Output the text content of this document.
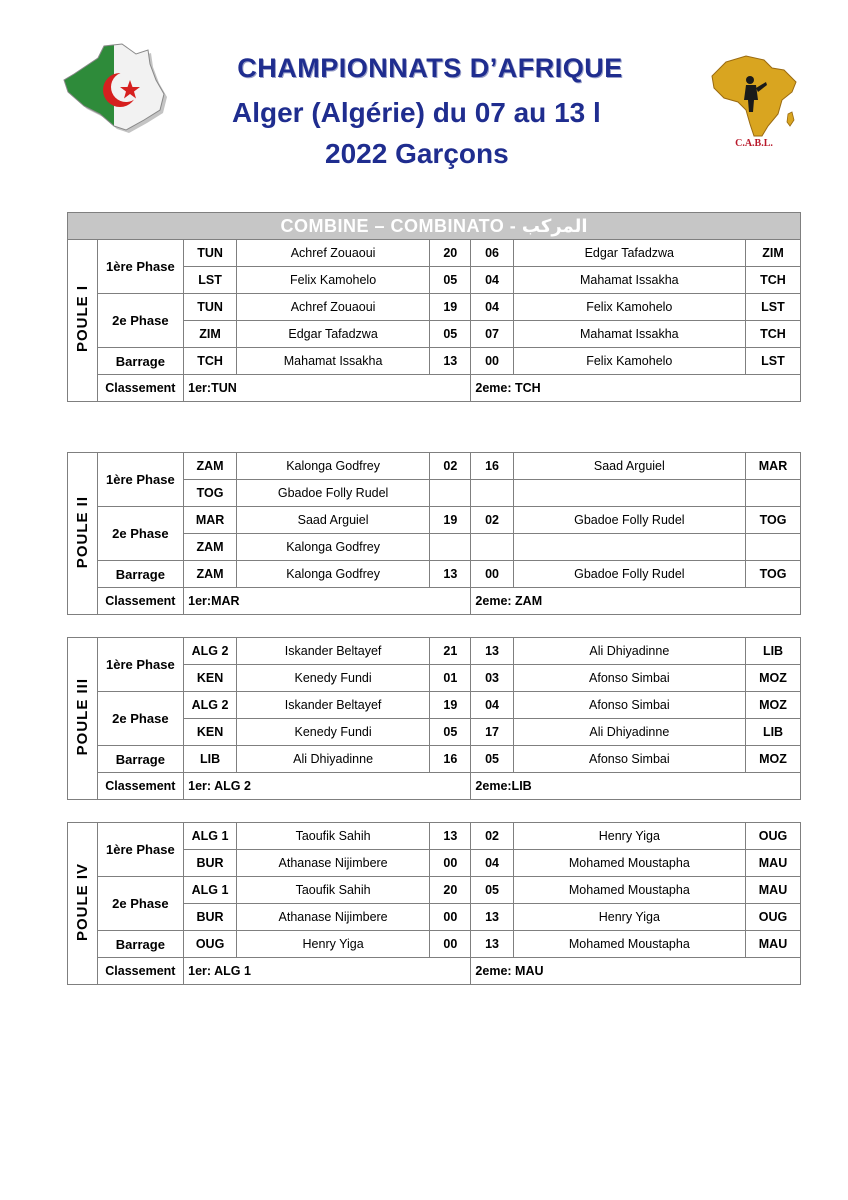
CHAMPIONNATS D’AFRIQUE
Alger (Algérie) du 07 au 13 l
2022 Garçons	C.A.B.L.
COMBINE – COMBINATO - المركب							
POULE I	1ère Phase	TUN	Achref Zouaoui	20	06	Edgar Tafadzwa	ZIM
		LST	Felix Kamohelo	05	04	Mahamat Issakha	TCH
	2e Phase	TUN	Achref Zouaoui	19	04	Felix Kamohelo	LST
		ZIM	Edgar Tafadzwa	05	07	Mahamat Issakha	TCH
	Barrage	TCH	Mahamat Issakha	13	00	Felix Kamohelo	LST
	Classement	1er:TUN			2eme: TCH		
POULE II	1ère Phase	ZAM	Kalonga Godfrey	02	16	Saad Arguiel	MAR
		TOG	Gbadoe Folly Rudel				
	2e Phase	MAR	Saad Arguiel	19	02	Gbadoe Folly Rudel	TOG
		ZAM	Kalonga Godfrey				
	Barrage	ZAM	Kalonga Godfrey	13	00	Gbadoe Folly Rudel	TOG
	Classement	1er:MAR			2eme: ZAM		
POULE III	1ère Phase	ALG 2	Iskander Beltayef	21	13	Ali Dhiyadinne	LIB
		KEN	Kenedy Fundi	01	03	Afonso Simbai	MOZ
	2e Phase	ALG 2	Iskander Beltayef	19	04	Afonso Simbai	MOZ
		KEN	Kenedy Fundi	05	17	Ali Dhiyadinne	LIB
	Barrage	LIB	Ali Dhiyadinne	16	05	Afonso Simbai	MOZ
	Classement	1er: ALG 2			2eme:LIB		
POULE IV	1ère Phase	ALG 1	Taoufik Sahih	13	02	Henry Yiga	OUG
		BUR	Athanase Nijimbere	00	04	Mohamed Moustapha	MAU
	2e Phase	ALG 1	Taoufik Sahih	20	05	Mohamed Moustapha	MAU
		BUR	Athanase Nijimbere	00	13	Henry Yiga	OUG
	Barrage	OUG	Henry Yiga	00	13	Mohamed Moustapha	MAU
	Classement	1er: ALG 1			2eme: MAU		
